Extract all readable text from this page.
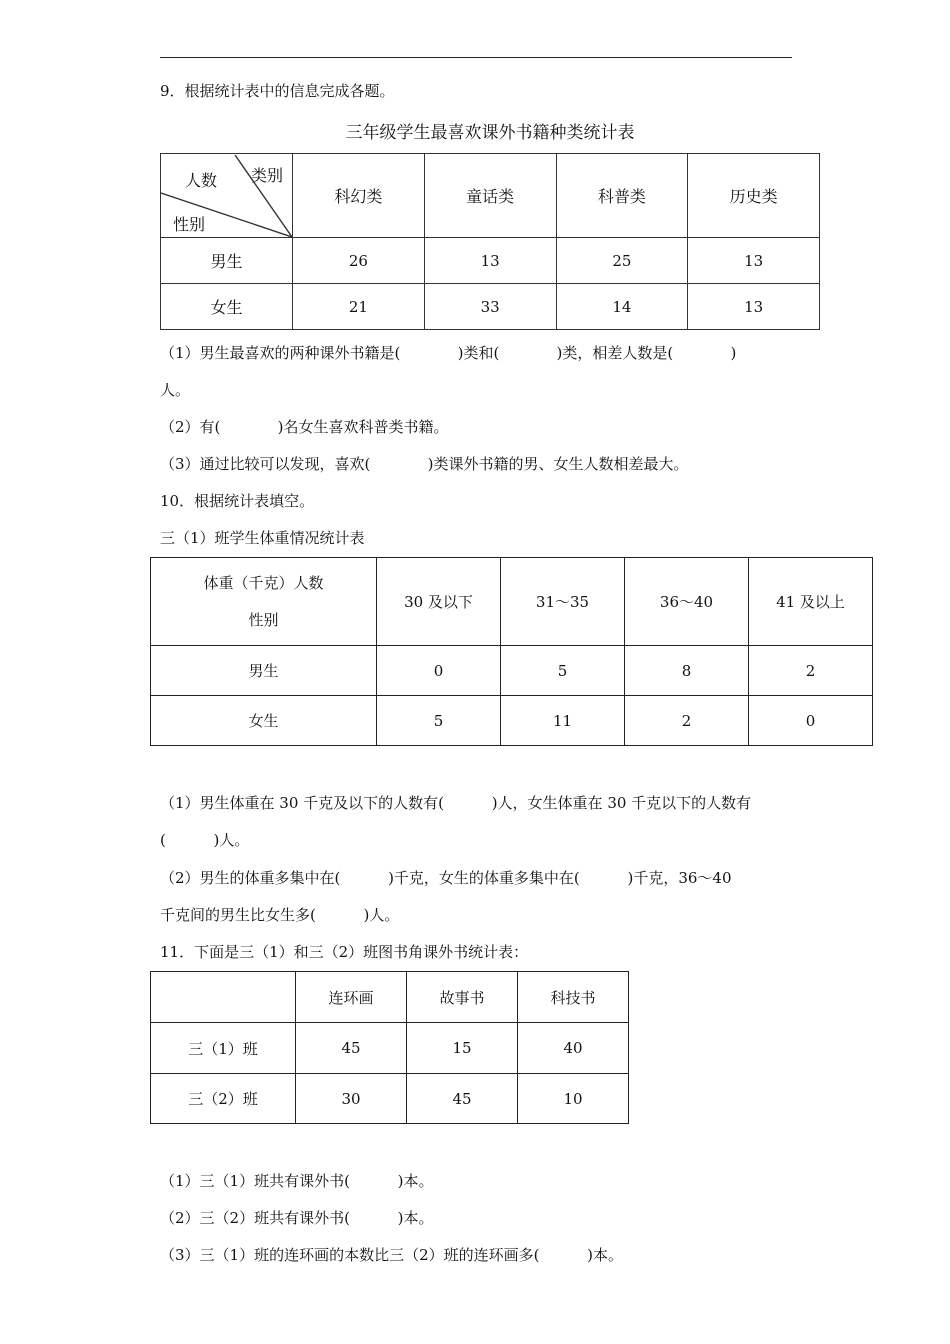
9．根据统计表中的信息完成各题。
三年级学生最喜欢课外书籍种类统计表
类别
人数
性别	科幻类	童话类	科普类	历史类
男生	26	13	25	13
女生	21	33	14	13
（1）男生最喜欢的两种课外书籍是(            )类和(            )类，相差人数是(            )
人。
（2）有(            )名女生喜欢科普类书籍。
（3）通过比较可以发现，喜欢(            )类课外书籍的男、女生人数相差最大。
10．根据统计表填空。
三（1）班学生体重情况统计表
体重（千克）人数
性别	30 及以下	31～35	36～40	41 及以上
男生	0	5	8	2
女生	5	11	2	0
（1）男生体重在 30 千克及以下的人数有(          )人，女生体重在 30 千克以下的人数有
(          )人。
（2）男生的体重多集中在(          )千克，女生的体重多集中在(          )千克，36～40
千克间的男生比女生多(          )人。
11．下面是三（1）和三（2）班图书角课外书统计表：
	连环画	故事书	科技书
三（1）班	45	15	40
三（2）班	30	45	10
（1）三（1）班共有课外书(          )本。
（2）三（2）班共有课外书(          )本。
（3）三（1）班的连环画的本数比三（2）班的连环画多(          )本。
